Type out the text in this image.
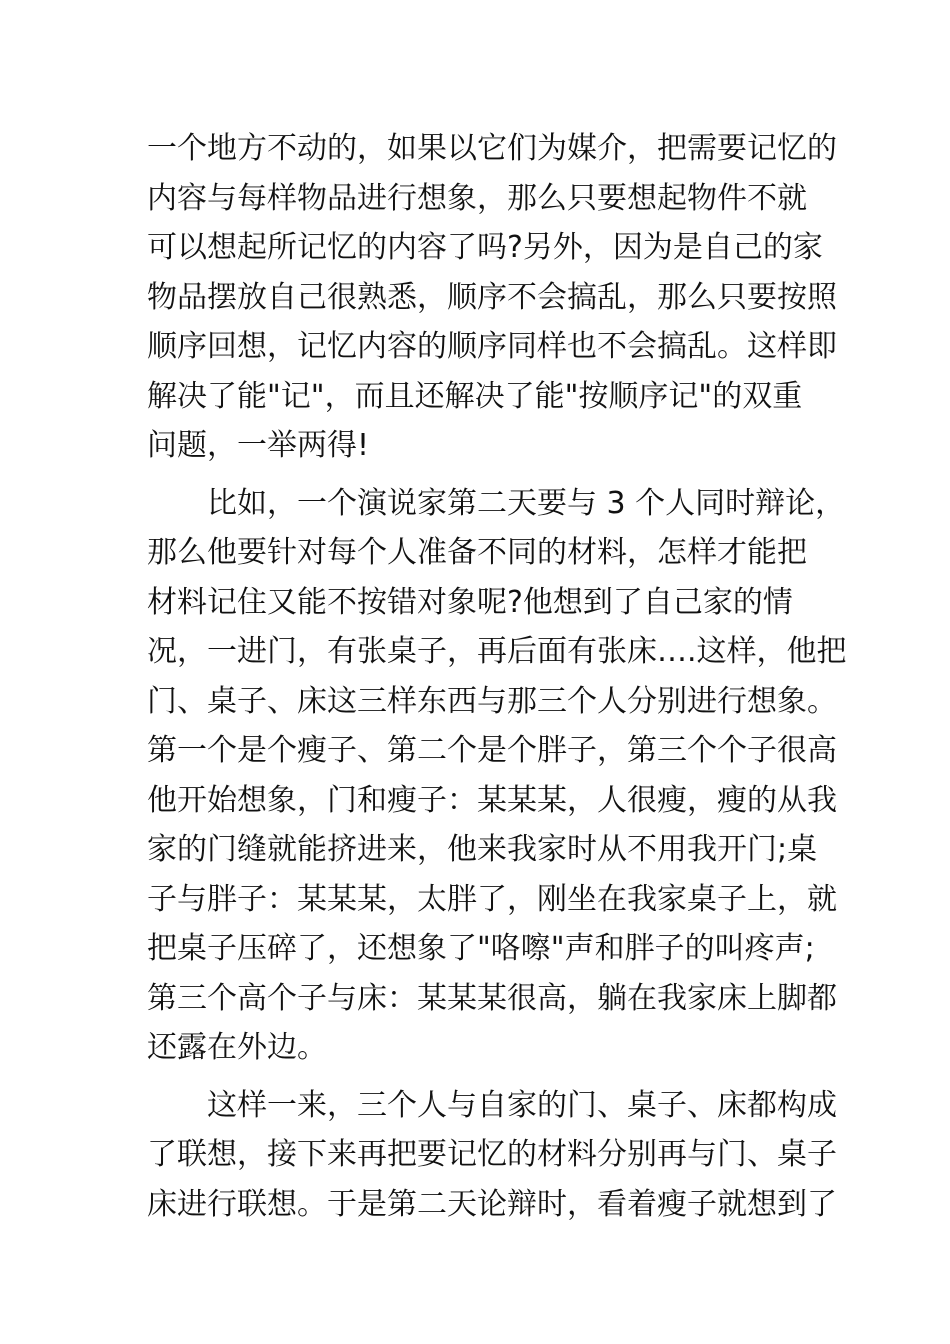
一个地方不动的，如果以它们为媒介，把需要记忆的
内容与每样物品进行想象，那么只要想起物件不就
可以想起所记忆的内容了吗?另外，因为是自己的家
物品摆放自己很熟悉，顺序不会搞乱，那么只要按照
顺序回想，记忆内容的顺序同样也不会搞乱。这样即
解决了能"记"，而且还解决了能"按顺序记"的双重
问题，一举两得!
　　比如，一个演说家第二天要与 3 个人同时辩论，
那么他要针对每个人准备不同的材料，怎样才能把
材料记住又能不按错对象呢?他想到了自己家的情
况，一进门，有张桌子，再后面有张床….这样，他把
门、桌子、床这三样东西与那三个人分别进行想象。
第一个是个瘦子、第二个是个胖子，第三个个子很高
他开始想象，门和瘦子：某某某，人很瘦，瘦的从我
家的门缝就能挤进来，他来我家时从不用我开门;桌
子与胖子：某某某，太胖了，刚坐在我家桌子上，就
把桌子压碎了，还想象了"咯嚓"声和胖子的叫疼声;
第三个高个子与床：某某某很高，躺在我家床上脚都
还露在外边。
　　这样一来，三个人与自家的门、桌子、床都构成
了联想，接下来再把要记忆的材料分别再与门、桌子
床进行联想。于是第二天论辩时，看着瘦子就想到了
